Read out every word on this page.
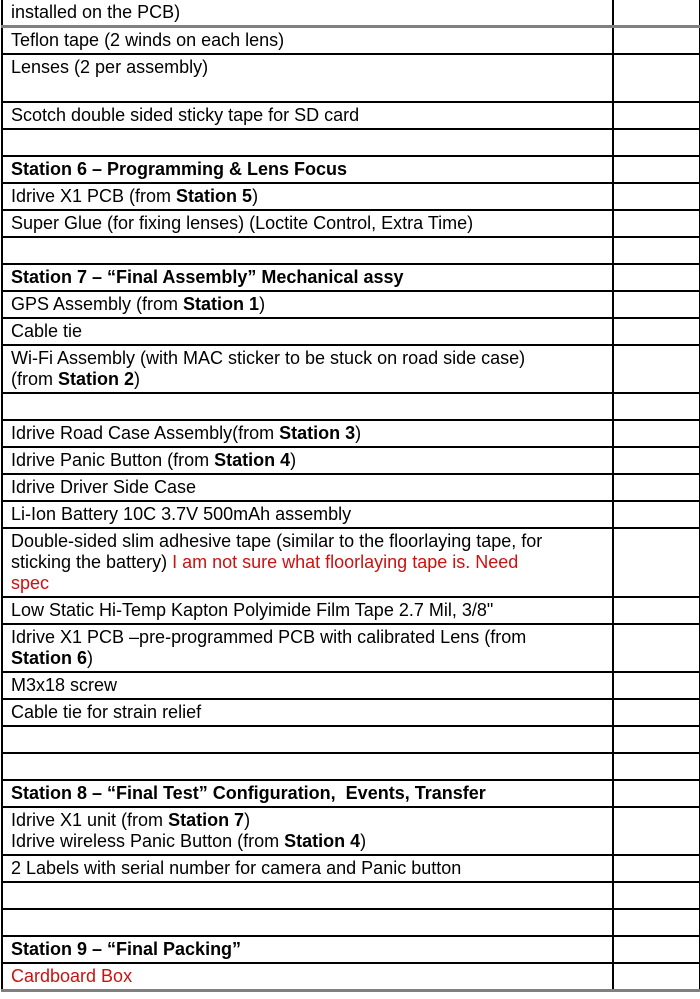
installed on the PCB)	

Teflon tape (2 winds on each lens)	

Lenses (2 per assembly)	

Scotch double sided sticky tape for SD card	

Station 6 – Programming & Lens Focus	

Idrive X1 PCB (from Station 5)	

Super Glue (for fixing lenses) (Loctite Control, Extra Time)	

Station 7 – “Final Assembly” Mechanical assy	

GPS Assembly (from Station 1)	

Cable tie	

Wi-Fi Assembly (with MAC sticker to be stuck on road side case)
(from Station 2)	

Idrive Road Case Assembly(from Station 3)	

Idrive Panic Button (from Station 4)	

Idrive Driver Side Case	

Li-Ion Battery 10C 3.7V 500mAh assembly	

Double-sided slim adhesive tape (similar to the floorlaying tape, for
sticking the battery) I am not sure what floorlaying tape is. Need
spec	

Low Static Hi-Temp Kapton Polyimide Film Tape 2.7 Mil, 3/8"	

Idrive X1 PCB –pre-programmed PCB with calibrated Lens (from
Station 6)	

M3x18 screw	

Cable tie for strain relief	

Station 8 – “Final Test” Configuration,  Events, Transfer	

Idrive X1 unit (from Station 7)
Idrive wireless Panic Button (from Station 4)	

2 Labels with serial number for camera and Panic button	

Station 9 – “Final Packing”	

Cardboard Box	
